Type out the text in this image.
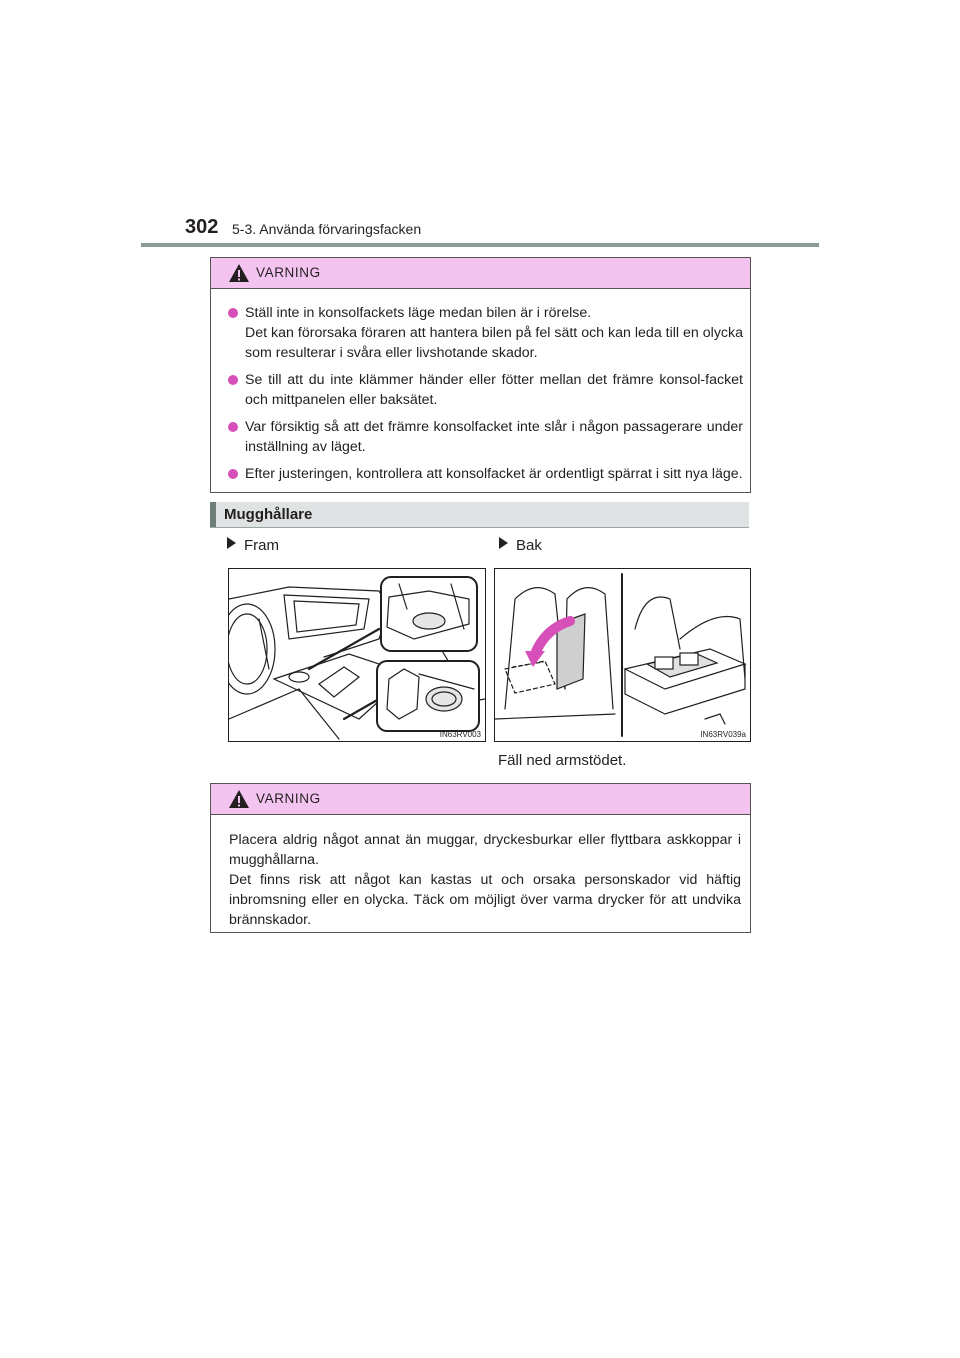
302 5-3. Använda förvaringsfacken
VARNING
Ställ inte in konsolfackets läge medan bilen är i rörelse.
Det kan förorsaka föraren att hantera bilen på fel sätt och kan leda till en olycka som resulterar i svåra eller livshotande skador.
Se till att du inte klämmer händer eller fötter mellan det främre konsol-facket och mittpanelen eller baksätet.
Var försiktig så att det främre konsolfacket inte slår i någon passagerare under inställning av läget.
Efter justeringen, kontrollera att konsolfacket är ordentligt spärrat i sitt nya läge.
Mugghållare
Fram	Bak
IN63RV003	IN63RV039a
Fäll ned armstödet.
VARNING
Placera aldrig något annat än muggar, dryckesburkar eller flyttbara askkoppar i mugghållarna.
Det finns risk att något kan kastas ut och orsaka personskador vid häftig inbromsning eller en olycka. Täck om möjligt över varma drycker för att undvika brännskador.
